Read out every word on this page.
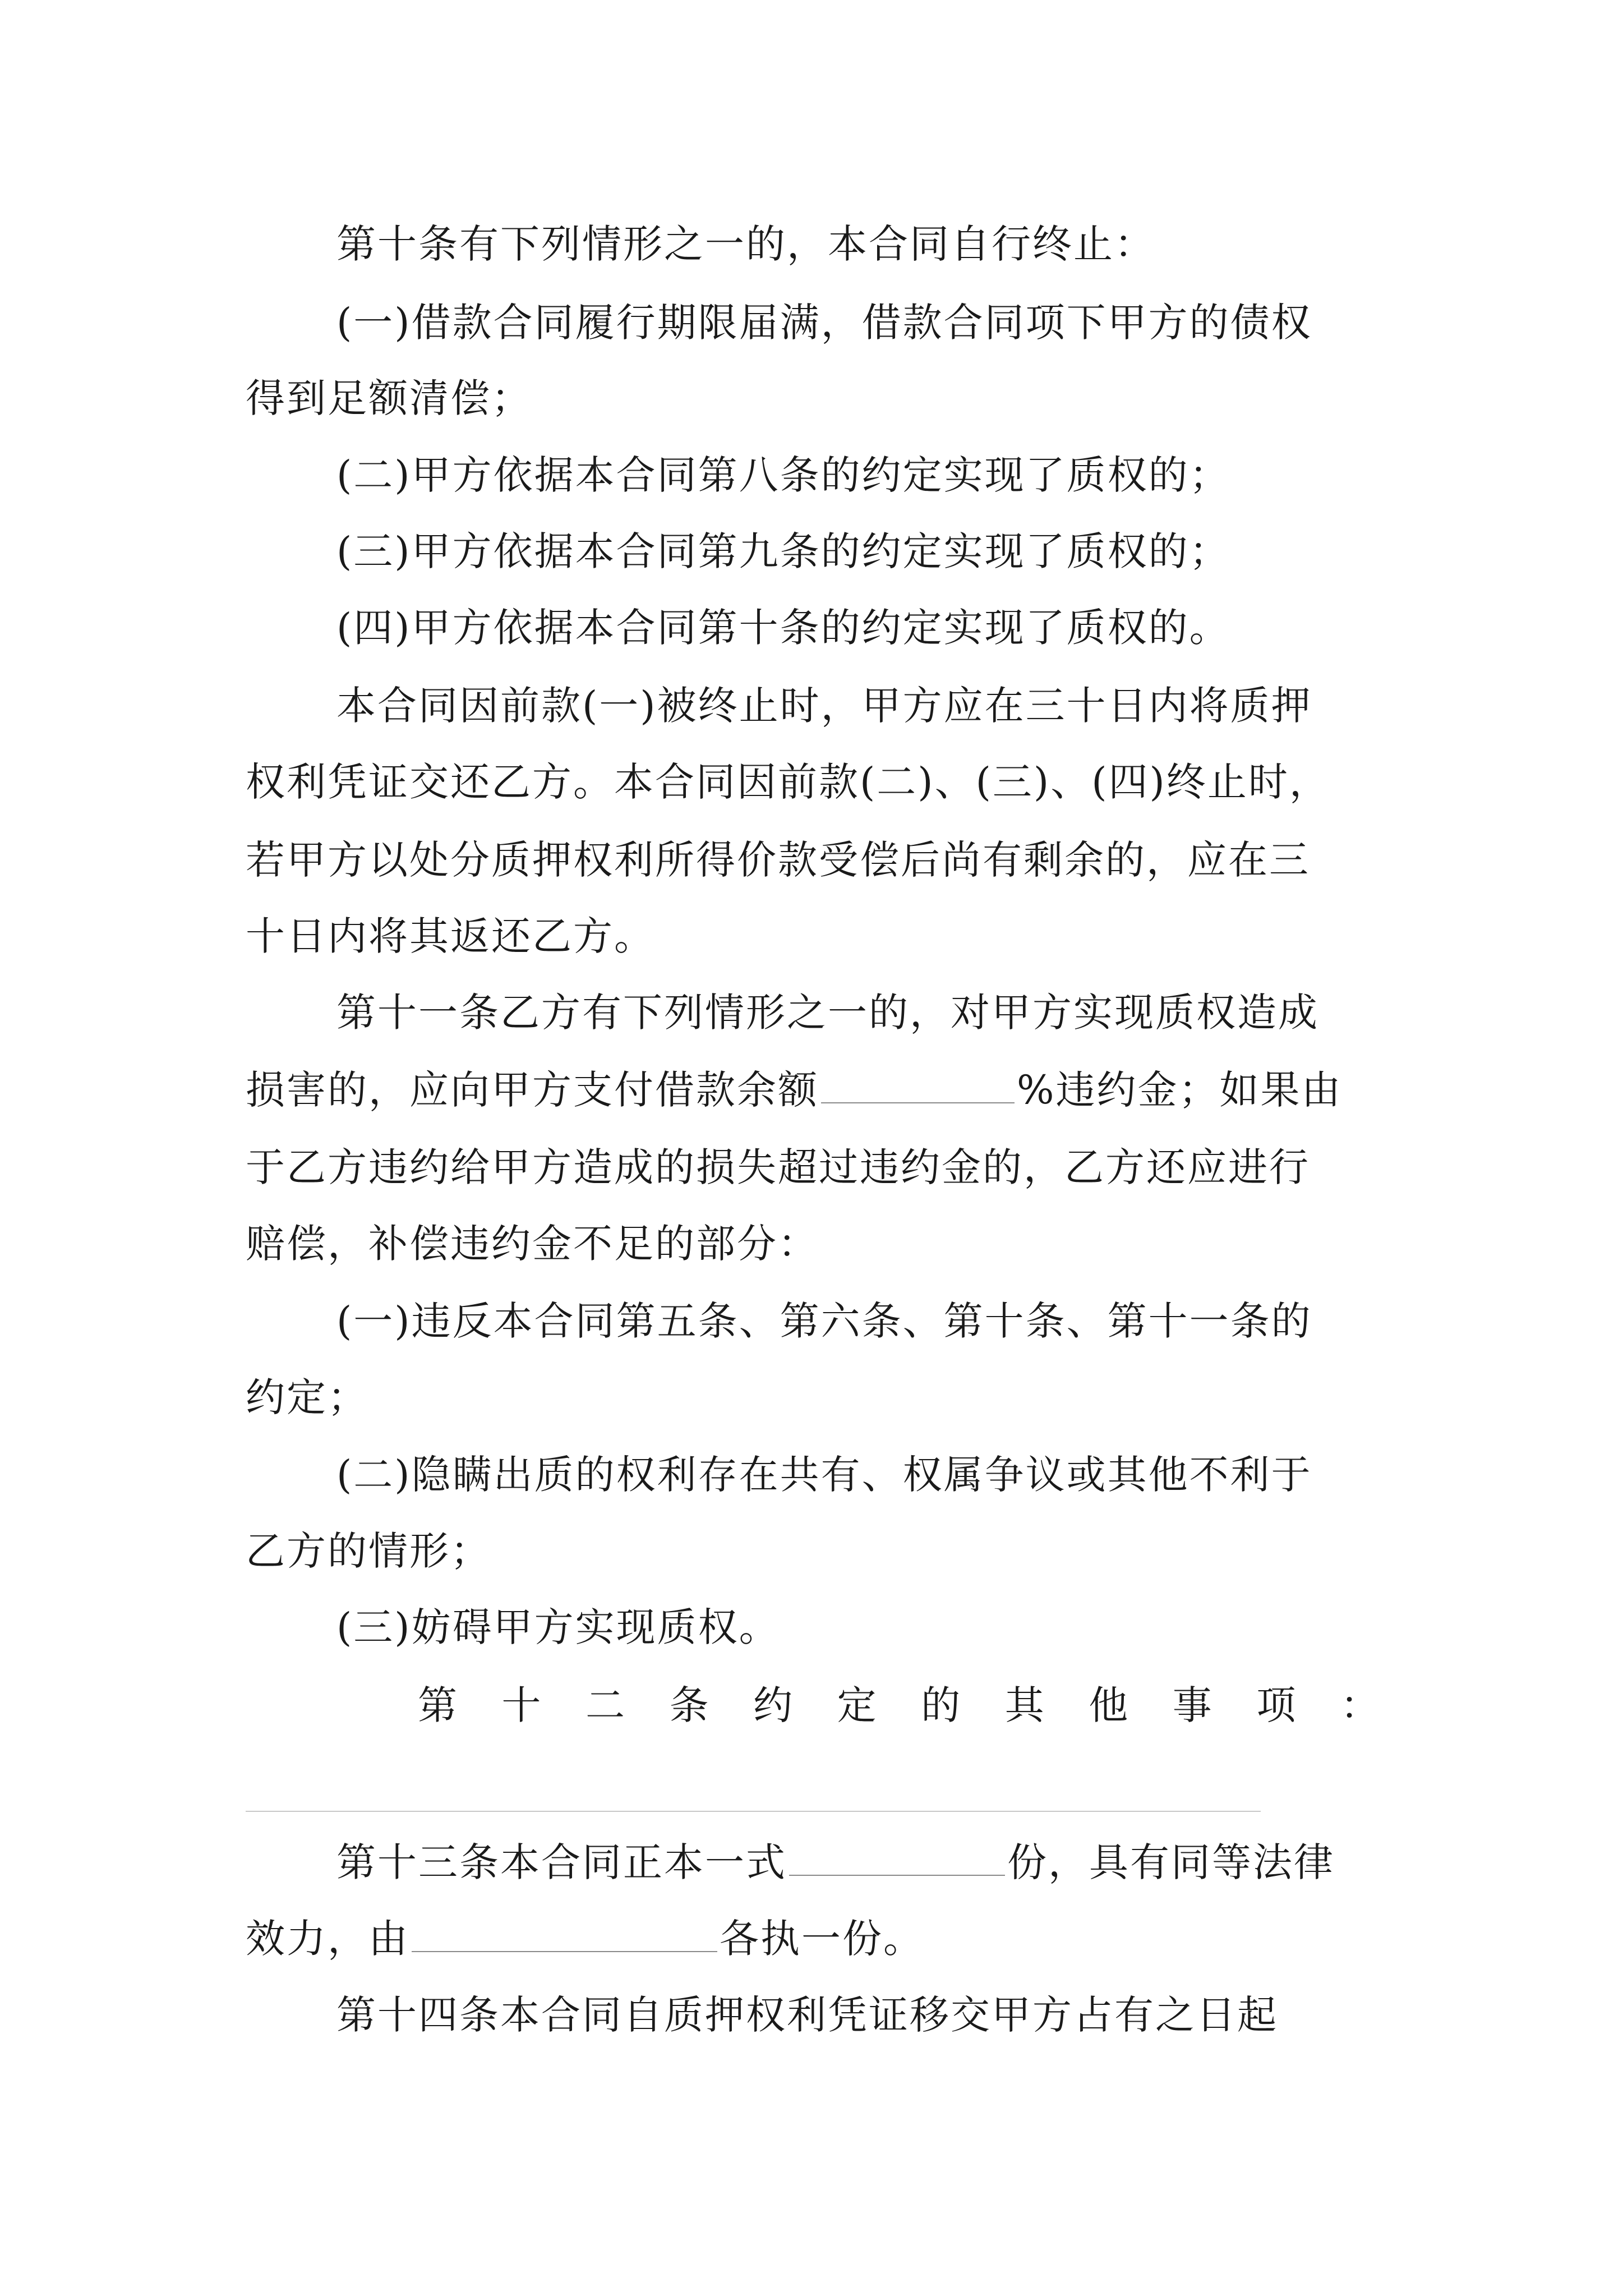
第十条有下列情形之一的，本合同自行终止：
(一)借款合同履行期限届满，借款合同项下甲方的债权
得到足额清偿；
(二)甲方依据本合同第八条的约定实现了质权的；
(三)甲方依据本合同第九条的约定实现了质权的；
(四)甲方依据本合同第十条的约定实现了质权的。
本合同因前款(一)被终止时，甲方应在三十日内将质押
权利凭证交还乙方。本合同因前款(二)、(三)、(四)终止时，
若甲方以处分质押权利所得价款受偿后尚有剩余的，应在三
十日内将其返还乙方。
第十一条乙方有下列情形之一的，对甲方实现质权造成
损害的，应向甲方支付借款余额	%违约金；如果由
于乙方违约给甲方造成的损失超过违约金的，乙方还应进行
赔偿，补偿违约金不足的部分：
(一)违反本合同第五条、第六条、第十条、第十一条的
约定；
(二)隐瞒出质的权利存在共有、权属争议或其他不利于
乙方的情形；
(三)妨碍甲方实现质权。
第 十 二 条 约 定 的 其 他 事 项 ：
第十三条本合同正本一式	份，具有同等法律
效力，由	各执一份。
第十四条本合同自质押权利凭证移交甲方占有之日起
